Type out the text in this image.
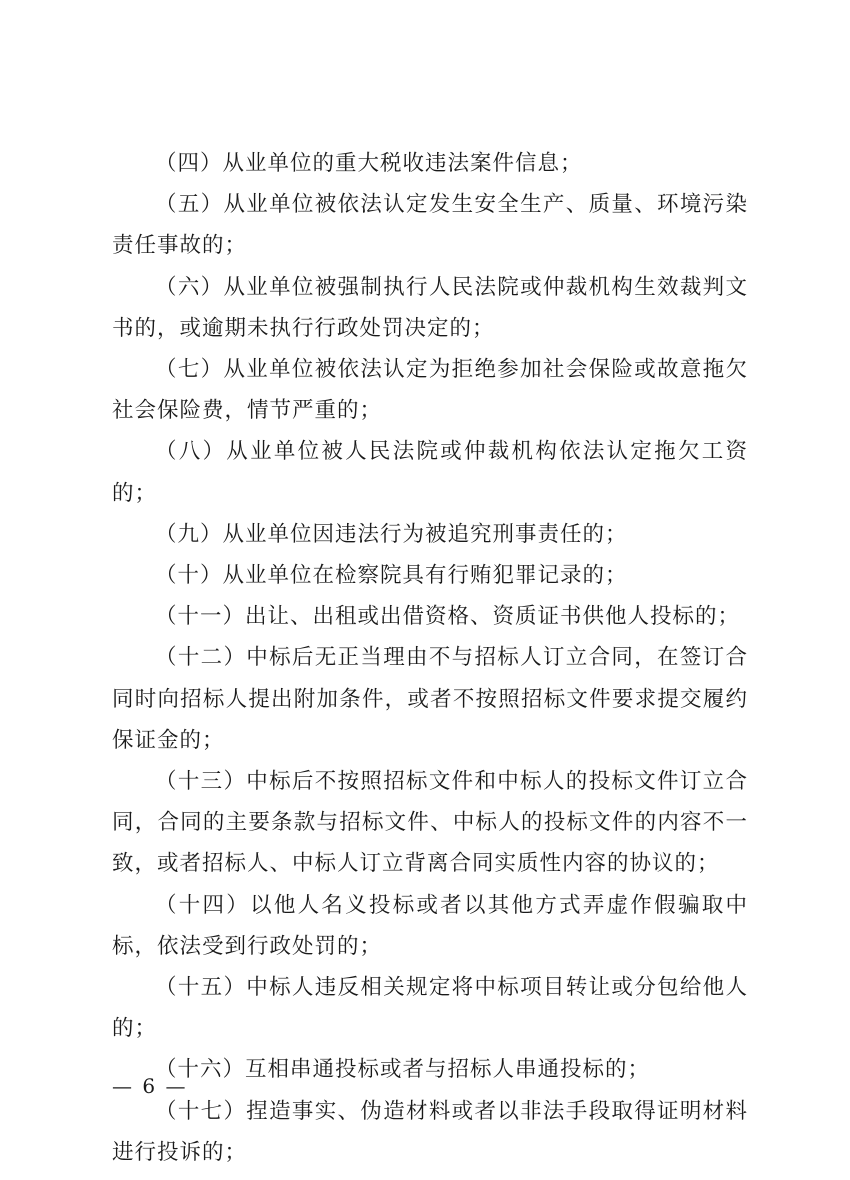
（四）从业单位的重大税收违法案件信息；

（五）从业单位被依法认定发生安全生产、质量、环境污染责任事故的；

（六）从业单位被强制执行人民法院或仲裁机构生效裁判文书的，或逾期未执行行政处罚决定的；

（七）从业单位被依法认定为拒绝参加社会保险或故意拖欠社会保险费，情节严重的；

（八）从业单位被人民法院或仲裁机构依法认定拖欠工资的；

（九）从业单位因违法行为被追究刑事责任的；

（十）从业单位在检察院具有行贿犯罪记录的；

（十一）出让、出租或出借资格、资质证书供他人投标的；

（十二）中标后无正当理由不与招标人订立合同，在签订合同时向招标人提出附加条件，或者不按照招标文件要求提交履约保证金的；

（十三）中标后不按照招标文件和中标人的投标文件订立合同，合同的主要条款与招标文件、中标人的投标文件的内容不一致，或者招标人、中标人订立背离合同实质性内容的协议的；

（十四）以他人名义投标或者以其他方式弄虚作假骗取中标，依法受到行政处罚的；

（十五）中标人违反相关规定将中标项目转让或分包给他人的；

（十六）互相串通投标或者与招标人串通投标的；

（十七）捏造事实、伪造材料或者以非法手段取得证明材料进行投诉的；

— 6 —
